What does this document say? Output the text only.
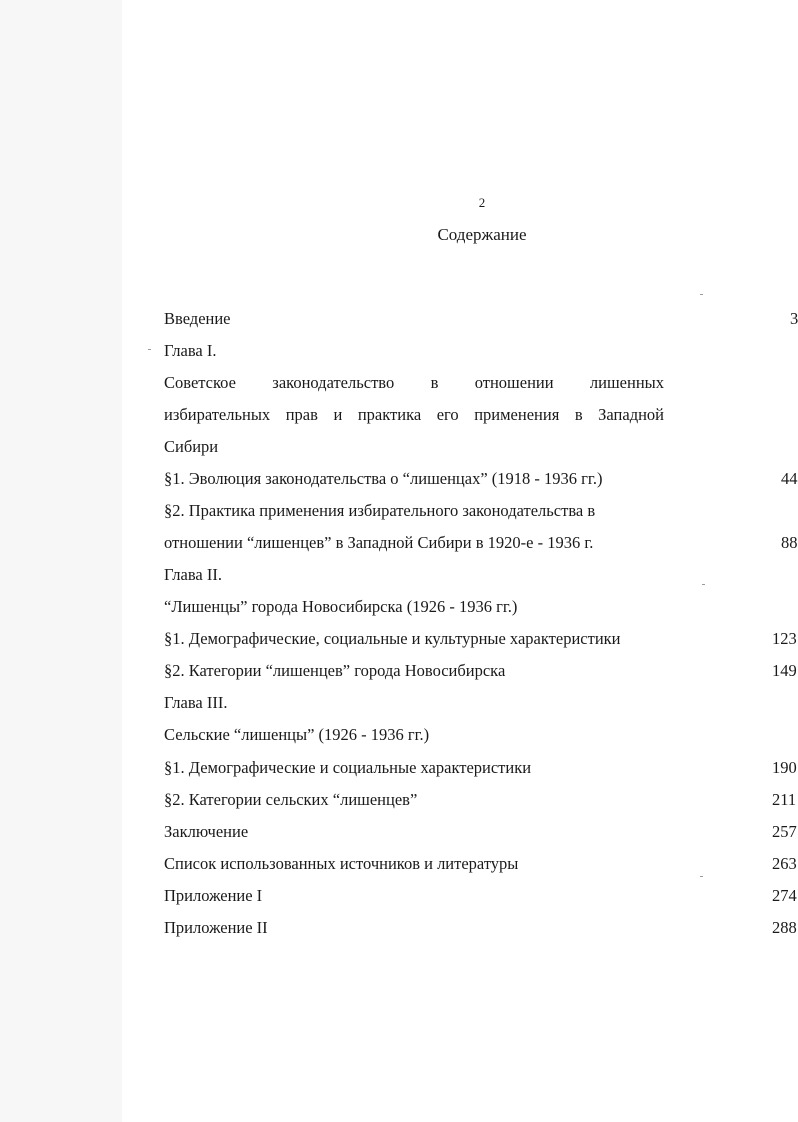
2
Содержание
Введение	3
Глава I.
Советское законодательство в отношении лишенных
избирательных прав и практика его применения в Западной
Сибири
§1. Эволюция законодательства о “лишенцах” (1918 - 1936 гг.)	44
§2. Практика применения избирательного законодательства в
отношении “лишенцев” в Западной Сибири в 1920-е - 1936 г.	88
Глава II.
“Лишенцы” города Новосибирска (1926 - 1936 гг.)
§1. Демографические, социальные и культурные характеристики	123
§2. Категории “лишенцев” города Новосибирска	149
Глава III.
Сельские “лишенцы” (1926 - 1936 гг.)
§1. Демографические и социальные характеристики	190
§2. Категории сельских “лишенцев”	211
Заключение	257
Список использованных источников и литературы	263
Приложение I	274
Приложение II	288
